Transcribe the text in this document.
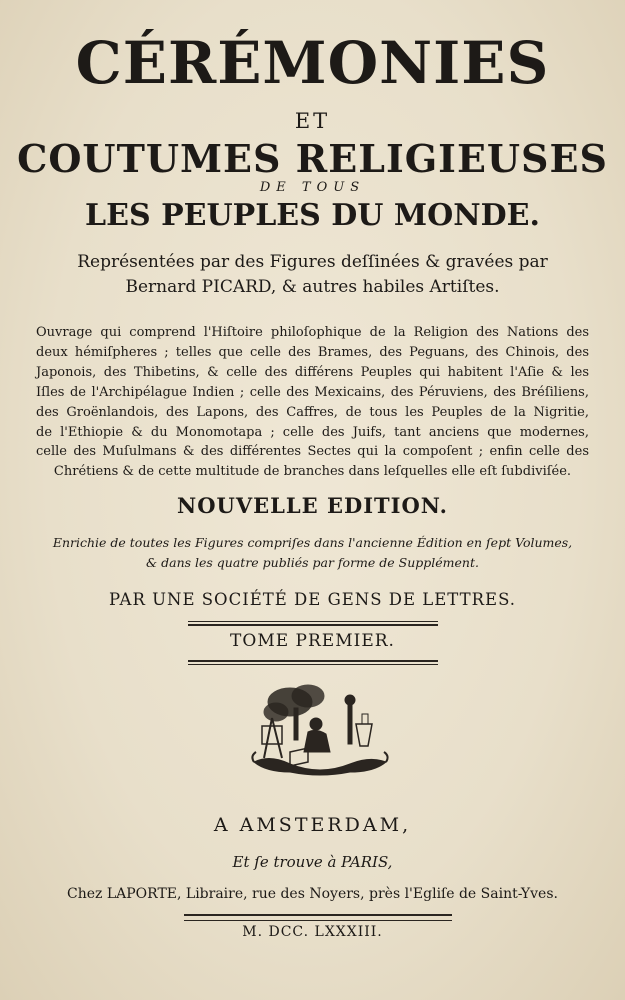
CÉRÉMONIES
ET
COUTUMES RELIGIEUSES
DE TOUS
LES PEUPLES DU MONDE.
Représentées par des Figures deſſinées & gravées par
Bernard PICARD, & autres habiles Artiſtes.
Ouvrage qui comprend l'Hiſtoire philoſophique de la Religion des Nations des
deux hémiſpheres ; telles que celle des Brames, des Peguans, des Chinois, des
Japonois, des Thibetins, & celle des différens Peuples qui habitent l'Aſie & les
Iſles de l'Archipélague Indien ; celle des Mexicains, des Péruviens, des Bréſiliens,
des Groënlandois, des Lapons, des Caffres, de tous les Peuples de la Nigritie,
de l'Ethiopie & du Monomotapa ; celle des Juifs, tant anciens que modernes,
celle des Muſulmans & des différentes Sectes qui la compoſent ; enfin celle des
Chrétiens & de cette multitude de branches dans leſquelles elle eſt ſubdiviſée.
NOUVELLE EDITION.
Enrichie de toutes les Figures compriſes dans l'ancienne Édition en ſept Volumes,
& dans les quatre publiés par forme de Supplément.
PAR UNE SOCIÉTÉ DE GENS DE LETTRES.
TOME PREMIER.
A AMSTERDAM,
Et ſe trouve à PARIS,
Chez LAPORTE, Libraire, rue des Noyers, près l'Egliſe de Saint-Yves.
M. DCC. LXXXIII.
